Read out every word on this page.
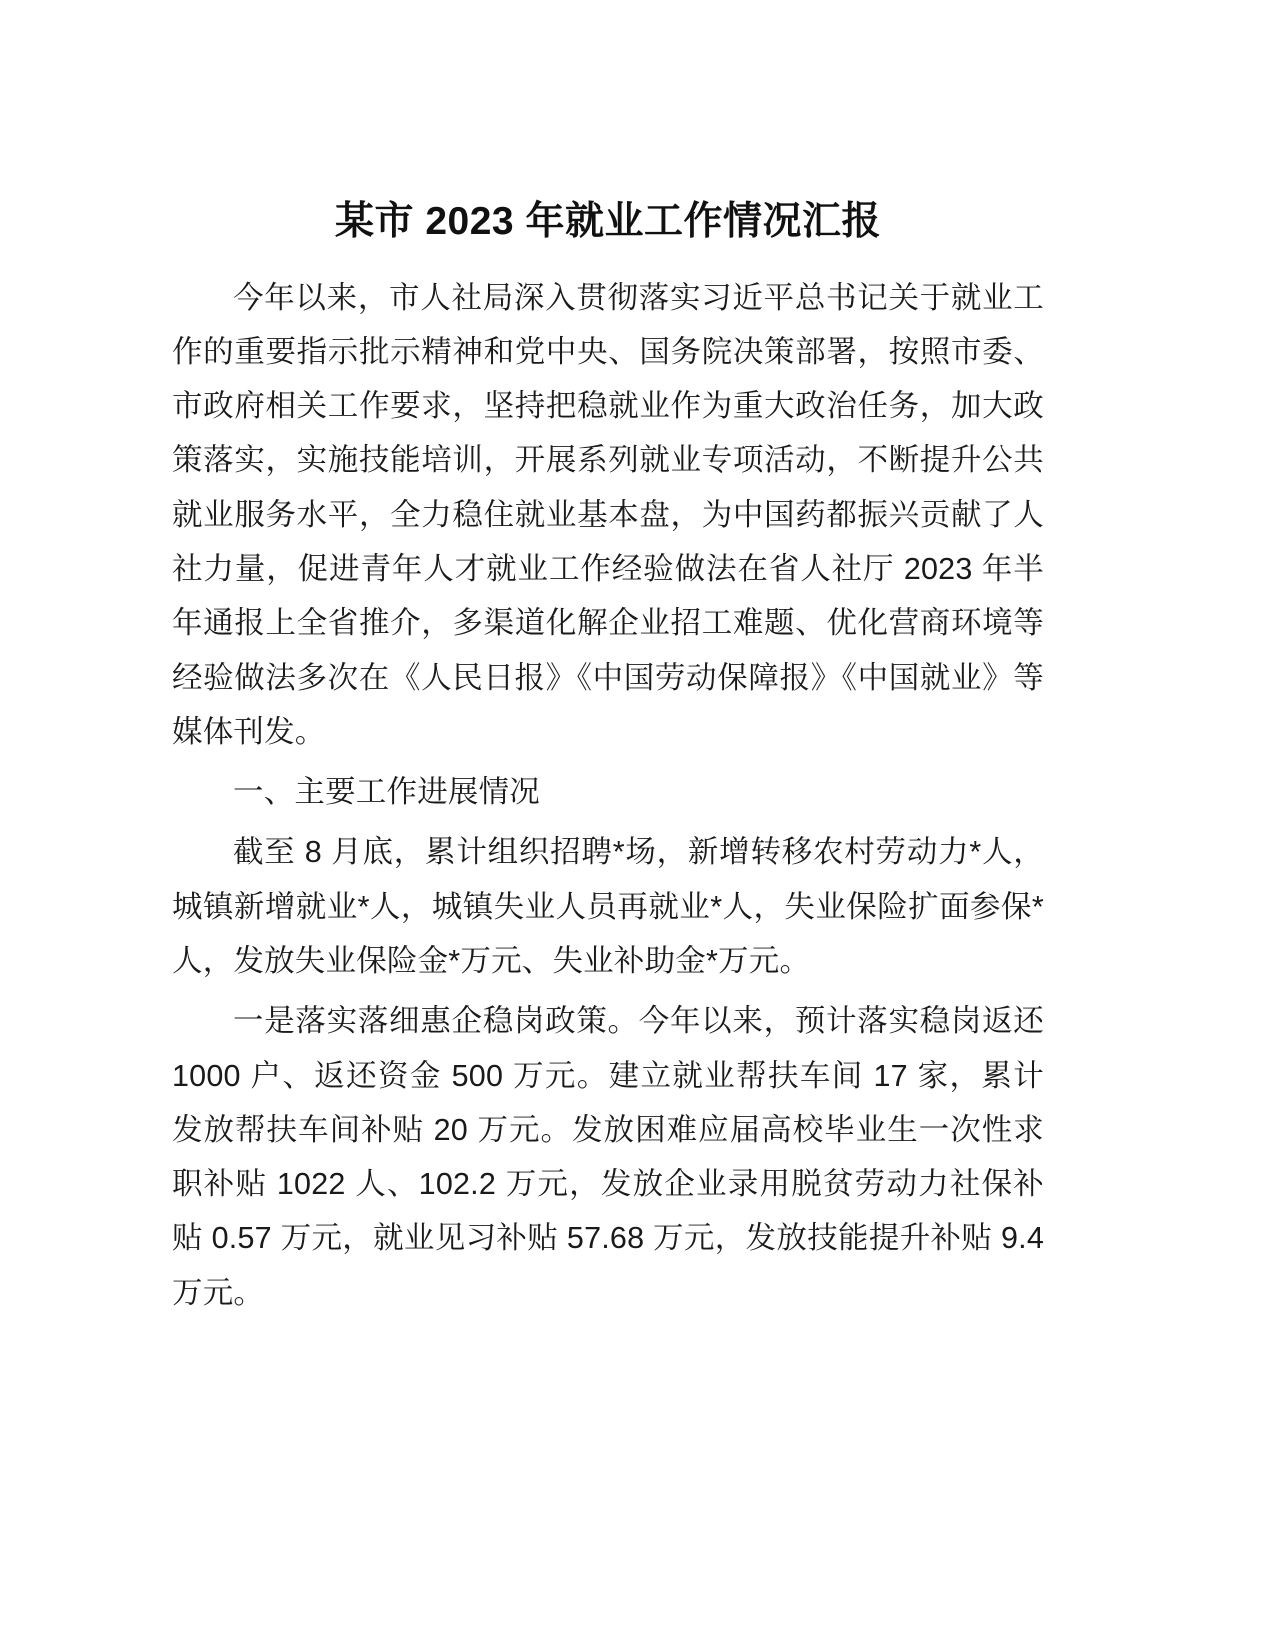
某市 2023 年就业工作情况汇报

今年以来，市人社局深入贯彻落实习近平总书记关于就业工作的重要指示批示精神和党中央、国务院决策部署，按照市委、市政府相关工作要求，坚持把稳就业作为重大政治任务，加大政策落实，实施技能培训，开展系列就业专项活动，不断提升公共就业服务水平，全力稳住就业基本盘，为中国药都振兴贡献了人社力量，促进青年人才就业工作经验做法在省人社厅 2023 年半年通报上全省推介，多渠道化解企业招工难题、优化营商环境等经验做法多次在《人民日报》《中国劳动保障报》《中国就业》等媒体刊发。

一、主要工作进展情况

截至 8 月底，累计组织招聘*场，新增转移农村劳动力*人，城镇新增就业*人，城镇失业人员再就业*人，失业保险扩面参保*人，发放失业保险金*万元、失业补助金*万元。

一是落实落细惠企稳岗政策。今年以来，预计落实稳岗返还 1000 户、返还资金 500 万元。建立就业帮扶车间 17 家，累计发放帮扶车间补贴 20 万元。发放困难应届高校毕业生一次性求职补贴 1022 人、102.2 万元，发放企业录用脱贫劳动力社保补贴 0.57 万元，就业见习补贴 57.68 万元，发放技能提升补贴 9.4 万元。
